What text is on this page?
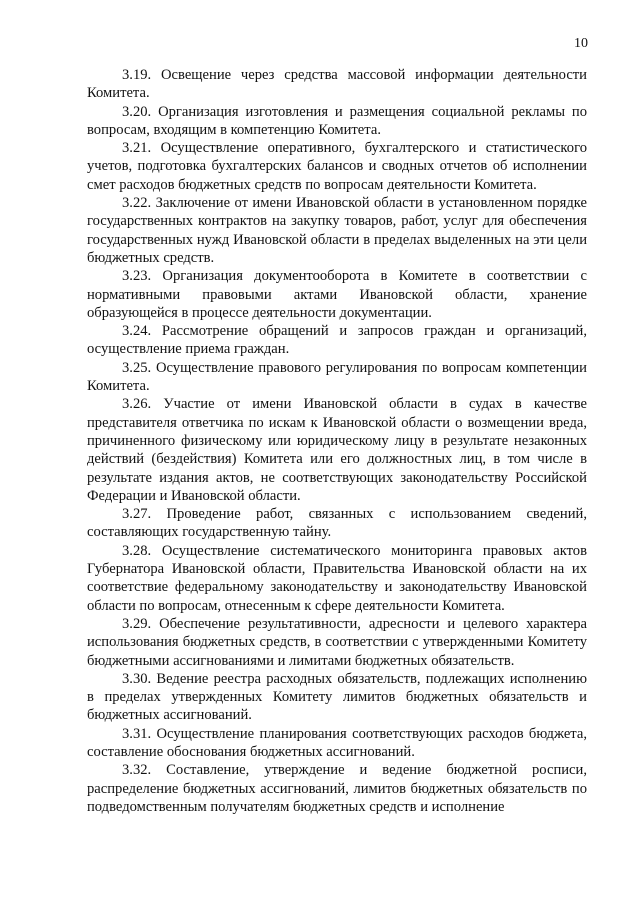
10

3.19. Освещение через средства массовой информации деятельности Комитета.

3.20. Организация изготовления и размещения социальной рекламы по вопросам, входящим в компетенцию Комитета.

3.21. Осуществление оперативного, бухгалтерского и статистического учетов, подготовка бухгалтерских балансов и сводных отчетов об исполнении смет расходов бюджетных средств по вопросам деятельности Комитета.

3.22. Заключение от имени Ивановской области в установленном порядке государственных контрактов на закупку товаров, работ, услуг для обеспечения государственных нужд Ивановской области в пределах выделенных на эти цели бюджетных средств.

3.23. Организация документооборота в Комитете в соответствии с нормативными правовыми актами Ивановской области, хранение образующейся в процессе деятельности документации.

3.24. Рассмотрение обращений и запросов граждан и организаций, осуществление приема граждан.

3.25. Осуществление правового регулирования по вопросам компетенции Комитета.

3.26. Участие от имени Ивановской области в судах в качестве представителя ответчика по искам к Ивановской области о возмещении вреда, причиненного физическому или юридическому лицу в результате незаконных действий (бездействия) Комитета или его должностных лиц, в том числе в результате издания актов, не соответствующих законодательству Российской Федерации и Ивановской области.

3.27. Проведение работ, связанных с использованием сведений, составляющих государственную тайну.

3.28. Осуществление систематического мониторинга правовых актов Губернатора Ивановской области, Правительства Ивановской области на их соответствие федеральному законодательству и законодательству Ивановской области по вопросам, отнесенным к сфере деятельности Комитета.

3.29. Обеспечение результативности, адресности и целевого характера использования бюджетных средств, в соответствии с утвержденными Комитету бюджетными ассигнованиями и лимитами бюджетных обязательств.

3.30. Ведение реестра расходных обязательств, подлежащих исполнению в пределах утвержденных Комитету лимитов бюджетных обязательств и бюджетных ассигнований.

3.31. Осуществление планирования соответствующих расходов бюджета, составление обоснования бюджетных ассигнований.

3.32. Составление, утверждение и ведение бюджетной росписи, распределение бюджетных ассигнований, лимитов бюджетных обязательств по подведомственным получателям бюджетных средств и исполнение
